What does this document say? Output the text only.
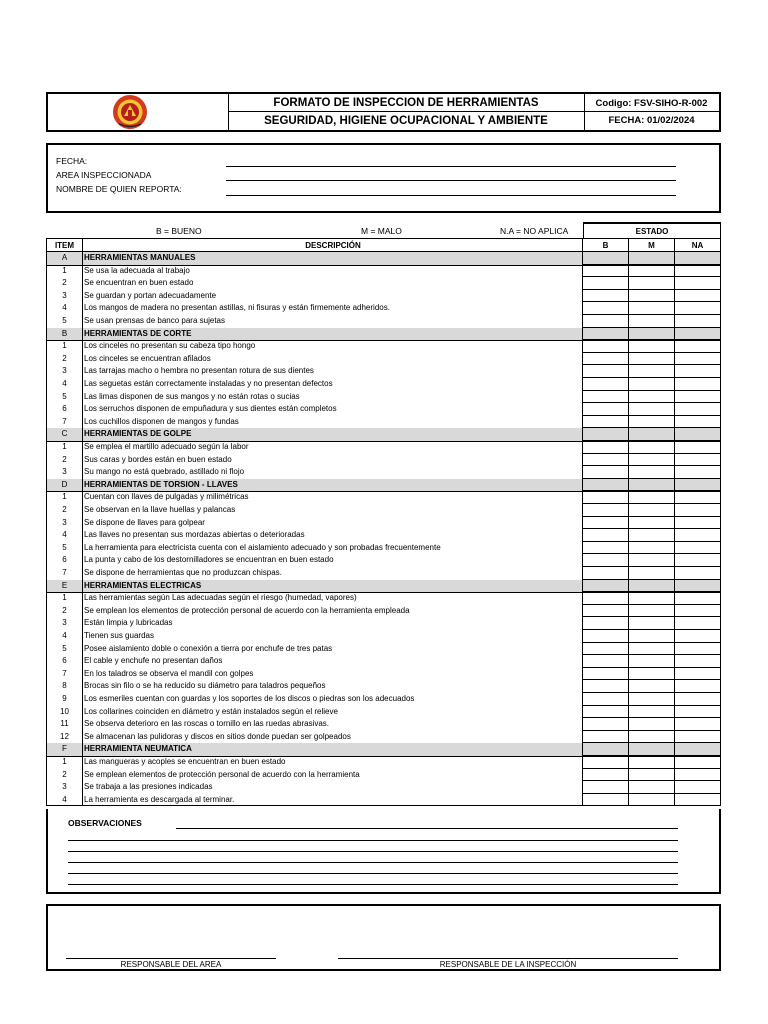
FORMATO DE INSPECCION DE HERRAMIENTAS
SEGURIDAD, HIGIENE OCUPACIONAL Y AMBIENTE
Codigo: FSV-SIHO-R-002
FECHA: 01/02/2024
FECHA:
AREA INSPECCIONADA
NOMBRE DE QUIEN REPORTA:
B = BUENO	M = MALO	N.A = NO APLICA	ESTADO
ITEM	DESCRIPCIÓN	B	M	NA
A	HERRAMIENTAS MANUALES
1	Se usa la adecuada al trabajo
2	Se encuentran en buen estado
3	Se guardan y portan adecuadamente
4	Los mangos de madera no presentan astillas, ni fisuras y están firmemente adheridos.
5	Se usan prensas de banco para sujetas
B	HERRAMIENTAS DE CORTE
1	Los cinceles no presentan su cabeza tipo hongo
2	Los cinceles se encuentran afilados
3	Las tarrajas macho o hembra no presentan rotura de sus dientes
4	Las seguetas están correctamente instaladas y no presentan defectos
5	Las limas disponen de sus mangos y no están rotas o sucias
6	Los serruchos disponen de empuñadura y sus dientes están completos
7	Los cuchillos disponen de mangos y fundas
C	HERRAMIENTAS DE GOLPE
1	Se emplea el martillo adecuado según la labor
2	Sus caras y bordes están en buen estado
3	Su mango no está quebrado, astillado ni flojo
D	HERRAMIENTAS DE TORSION - LLAVES
1	Cuentan con llaves de pulgadas y milimétricas
2	Se observan en la llave huellas y palancas
3	Se dispone de llaves para golpear
4	Las llaves no presentan sus mordazas abiertas o deterioradas
5	La herramienta para electricista cuenta con el aislamiento adecuado y son probadas frecuentemente
6	La punta y cabo de los destornilladores se encuentran en buen estado
7	Se dispone de herramientas que no produzcan chispas.
E	HERRAMIENTAS ELECTRICAS
1	Las herramientas según Las adecuadas según el riesgo (humedad, vapores)
2	Se emplean los elementos de protección personal de acuerdo con la herramienta empleada
3	Están limpia y lubricadas
4	Tienen sus guardas
5	Posee aislamiento doble o conexión a tierra por enchufe de tres patas
6	El cable y enchufe no presentan daños
7	En los taladros se observa el mandil con golpes
8	Brocas sin filo o se ha reducido su diámetro para taladros pequeños
9	Los esmeriles cuentan con guardas y los soportes de los discos o piedras son los adecuados
10	Los collarines coinciden en diámetro y están instalados según el relieve
11	Se observa deterioro en las roscas o tornillo en las ruedas abrasivas.
12	Se almacenan las pulidoras y discos en sitios donde puedan ser golpeados
F	HERRAMIENTA NEUMATICA
1	Las mangueras y acoples se encuentran en buen estado
2	Se emplean elementos de protección personal de acuerdo con la herramienta
3	Se trabaja a las presiones indicadas
4	La herramienta es descargada al terminar.
OBSERVACIONES
RESPONSABLE DEL AREA	RESPONSABLE DE LA INSPECCIÓN
